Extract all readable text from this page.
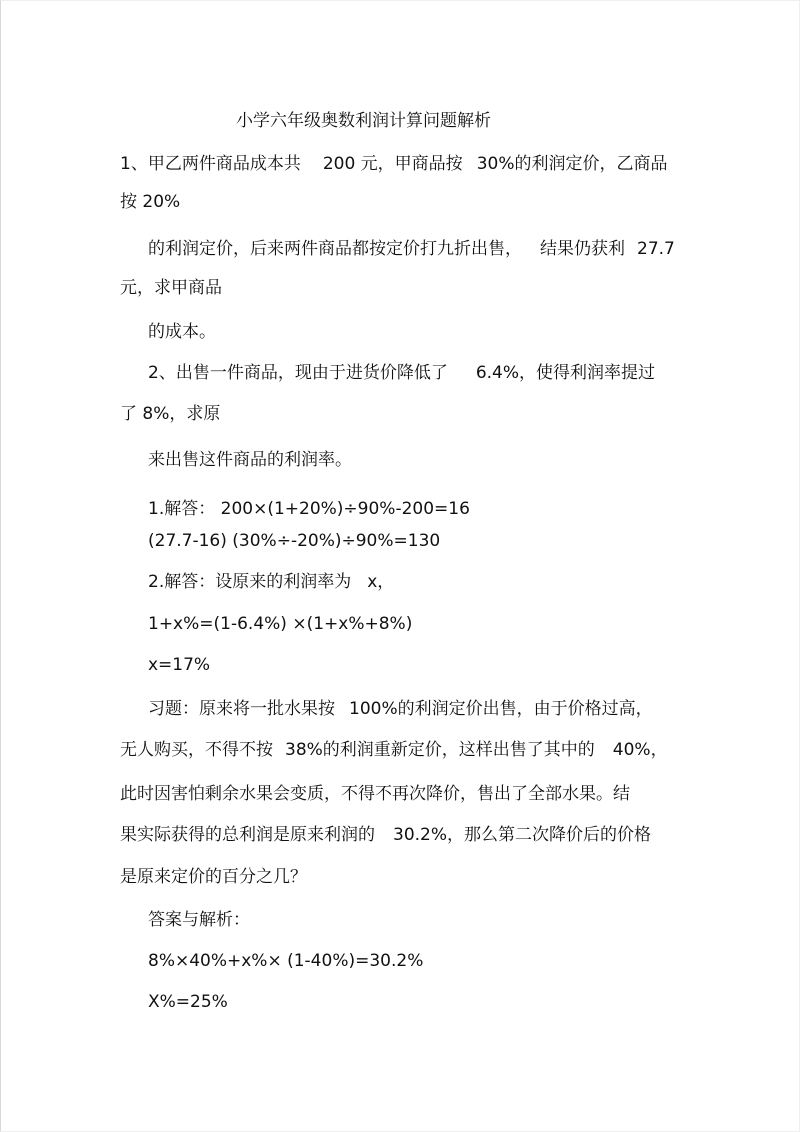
小学六年级奥数利润计算问题解析
1、甲乙两件商品成本共 200 元，甲商品按 30%的利润定价，乙商品
按 20%
的利润定价，后来两件商品都按定价打九折出售， 结果仍获利 27.7
元，求甲商品
的成本。
2、出售一件商品，现由于进货价降低了 6.4%，使得利润率提过
了 8%，求原
来出售这件商品的利润率。
1.解答： 200×(1+20%)÷90%-200=16
(27.7-16) (30%÷-20%)÷90%=130
2.解答：设原来的利润率为 x，
1+x%=(1-6.4%) ×(1+x%+8%)
x=17%
习题：原来将一批水果按 100%的利润定价出售，由于价格过高，
无人购买，不得不按 38%的利润重新定价，这样出售了其中的 40%，
此时因害怕剩余水果会变质，不得不再次降价，售出了全部水果。结
果实际获得的总利润是原来利润的 30.2%，那么第二次降价后的价格
是原来定价的百分之几？
答案与解析：
8%×40%+x%× (1-40%)=30.2%
X%=25%
